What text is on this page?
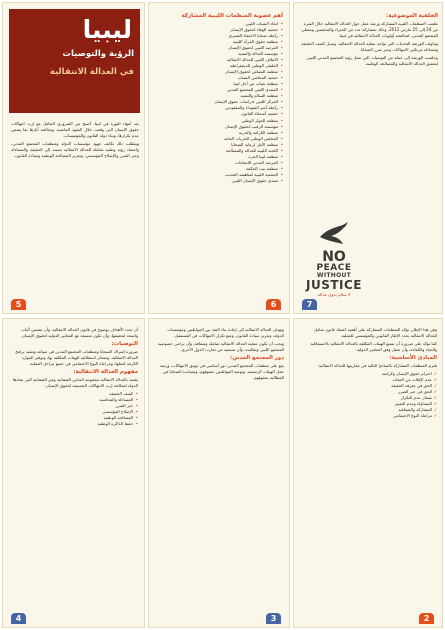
ليبيا
الرؤية والتوصيات
في العدالة الانتقالية

بعد انتهاء الثورة في ليبيا، أصبح من الضروري التعامل مع إرث انتهاكات حقوق الإنسان التي وقعت خلال العقود الماضية، ومعالجة آثارها بما يضمن عدم تكرارها، وبناء دولة القانون والمؤسسات.

ويتطلب ذلك تكاتف جهود مؤسسات الدولة ومنظمات المجتمع المدني، واعتماد رؤية وطنية شاملة للعدالة الانتقالية تستند إلى الحقيقة والمساءلة وجبر الضرر والإصلاح المؤسسي، وتعزيز المصالحة الوطنية وسيادة القانون.

5
أهم عضوية المنظمات الليبية المشاركة
• اتحاد الشباب الليبي
• جمعية الوفاء لحقوق الإنسان
• رابطة ضحايا الاختفاء القسري
• منظمة حقوق المرأة الليبية
• المرصد الليبي لحقوق الإنسان
• مؤسسة العدالة والتنمية
• الائتلاف الليبي للعدالة الانتقالية
• الملتقى الوطني للديمقراطية
• منظمة التضامن لحقوق الإنسان
• جمعية المحامين الشباب
• منظمة شباب من أجل ليبيا
• المنتدى الليبي للمجتمع المدني
• منظمة السلام والتنمية
• المركز الليبي لدراسات حقوق الإنسان
• رابطة أسر الشهداء والمفقودين
• جمعية أصدقاء القانون
• منظمة الحوار الوطني
• مؤسسة الرقيب لحقوق الإنسان
• منظمة الكرامة والحرية
• المجلس الوطني للحريات العامة
• منظمة الأمل لرعاية الضحايا
• اللجنة الليبية للعدالة والمصالحة
• منظمة ليبيا الحرة
• المرصد المدني للانتخابات
• منظمة بيت الحكمة
• الجمعية الليبية لمناهضة التعذيب
• منتدى حقوق الإنسان الليبي
6
الخلفية الموضوعية:

نظمت المنظمات الليبية المشاركة ورشة عمل حول العدالة الانتقالية خلال الفترة من 24 إلى 25 مارس 2012، وذلك بمشاركة عدد من الخبراء والمختصين وممثلي المجتمع المدني، لمناقشة أولويات العدالة الانتقالية في ليبيا.

وتناولت الورشة التحديات التي تواجه عملية العدالة الانتقالية، وسبل كشف الحقيقة ومساءلة مرتكبي الانتهاكات وجبر ضرر الضحايا.

وخلصت الورشة إلى جملة من التوصيات التي تمثل رؤية المجتمع المدني الليبي لتحقيق العدالة الانتقالية والمصالحة الوطنية.

NO
PEACE
WITHOUT
JUSTICE
لا سلام بدون عدالة
7

أن تحدد الأهداف بوضوح في قانون العدالة الانتقالية، وأن تتضمن آليات واضحة لتحقيقها، وأن تكون متسقة مع المعايير الدولية لحقوق الإنسان.

التوصيات:

ضرورة إشراك الضحايا ومنظمات المجتمع المدني في صياغة وتنفيذ برامج العدالة الانتقالية، وضمان استقلالية الهيئات المكلفة بها، وتوفير الموارد اللازمة لعملها، ومراعاة النوع الاجتماعي في جميع مراحل العملية.

مفهوم العدالة الانتقالية:

يقصد بالعدالة الانتقالية مجموعة التدابير القضائية وغير القضائية التي تتخذها الدولة لمعالجة إرث الانتهاكات الجسيمة لحقوق الإنسان.

• كشف الحقيقة
• المساءلة والمحاسبة
• جبر الضرر
• الإصلاح المؤسسي
• المصالحة الوطنية
• حفظ الذاكرة الوطنية
4

وتهدف العدالة الانتقالية إلى إعادة بناء الثقة بين المواطنين ومؤسسات الدولة، وتعزيز سيادة القانون، ومنع تكرار الانتهاكات في المستقبل.

ويجب أن تكون عملية العدالة الانتقالية شاملة وشفافة، وأن تراعي خصوصية المجتمع الليبي وتقاليده، وأن تستفيد من تجارب الدول الأخرى.

دور المجتمع المدني:

يقع على منظمات المجتمع المدني دور أساسي في توثيق الانتهاكات، ورصد عمل الهيئات الرسمية، وتوعية المواطنين بحقوقهم، ومساندة الضحايا في المطالبة بحقوقهم.

3

وفي هذا الإطار، تؤكد المنظمات المشاركة على أهمية اعتماد قانون شامل للعدالة الانتقالية يحدد الإطار القانوني والمؤسسي للعملية.

كما تؤكد على ضرورة أن تتمتع الهيئات المكلفة بالعدالة الانتقالية بالاستقلالية والحياد والكفاءة، وأن تعمل وفق المعايير الدولية.

المبادئ الأساسية:

تلتزم المنظمات المشاركة بالمبادئ التالية في مقاربتها للعدالة الانتقالية:

✓ احترام حقوق الإنسان وكرامته
✓ عدم الإفلات من العقاب
✓ الحق في معرفة الحقيقة
✓ الحق في جبر الضرر
✓ ضمان عدم التكرار
✓ المساواة وعدم التمييز
✓ المشاركة والشفافية
✓ مراعاة النوع الاجتماعي
2
